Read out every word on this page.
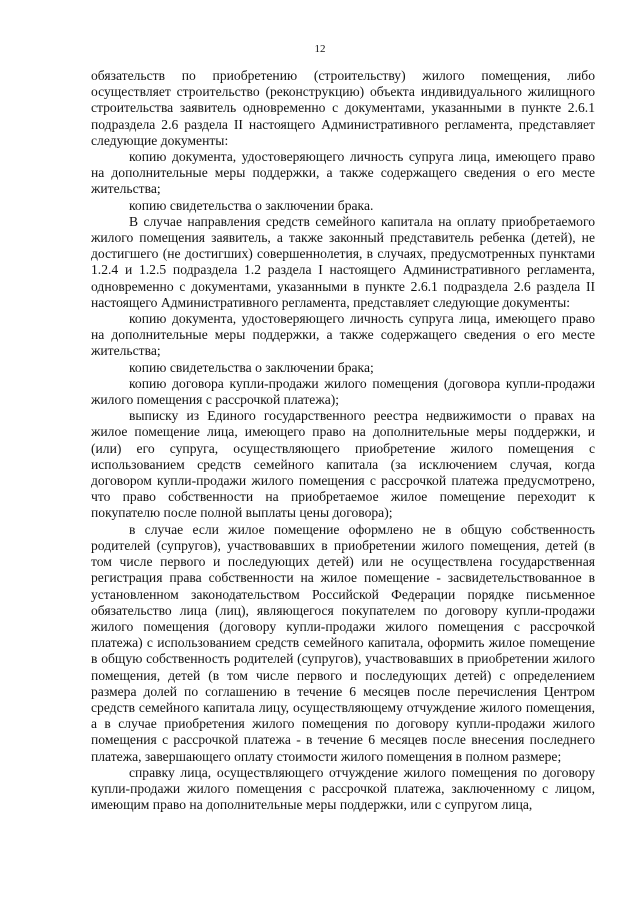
12

обязательств по приобретению (строительству) жилого помещения, либо осуществляет строительство (реконструкцию) объекта индивидуального жилищного строительства заявитель одновременно с документами, указанными в пункте 2.6.1 подраздела 2.6 раздела II настоящего Административного регламента, представляет следующие документы:

копию документа, удостоверяющего личность супруга лица, имеющего право на дополнительные меры поддержки, а также содержащего сведения о его месте жительства;

копию свидетельства о заключении брака.

В случае направления средств семейного капитала на оплату приобретаемого жилого помещения заявитель, а также законный представитель ребенка (детей), не достигшего (не достигших) совершеннолетия, в случаях, предусмотренных пунктами 1.2.4 и 1.2.5 подраздела 1.2 раздела I настоящего Административного регламента, одновременно с документами, указанными в пункте 2.6.1 подраздела 2.6 раздела II настоящего Административного регламента, представляет следующие документы:

копию документа, удостоверяющего личность супруга лица, имеющего право на дополнительные меры поддержки, а также содержащего сведения о его месте жительства;

копию свидетельства о заключении брака;

копию договора купли-продажи жилого помещения (договора купли-продажи жилого помещения с рассрочкой платежа);

выписку из Единого государственного реестра недвижимости о правах на жилое помещение лица, имеющего право на дополнительные меры поддержки, и (или) его супруга, осуществляющего приобретение жилого помещения с использованием средств семейного капитала (за исключением случая, когда договором купли-продажи жилого помещения с рассрочкой платежа предусмотрено, что право собственности на приобретаемое жилое помещение переходит к покупателю после полной выплаты цены договора);

в случае если жилое помещение оформлено не в общую собственность родителей (супругов), участвовавших в приобретении жилого помещения, детей (в том числе первого и последующих детей) или не осуществлена государственная регистрация права собственности на жилое помещение - засвидетельствованное в установленном законодательством Российской Федерации порядке письменное обязательство лица (лиц), являющегося покупателем по договору купли-продажи жилого помещения (договору купли-продажи жилого помещения с рассрочкой платежа) с использованием средств семейного капитала, оформить жилое помещение в общую собственность родителей (супругов), участвовавших в приобретении жилого помещения, детей (в том числе первого и последующих детей) с определением размера долей по соглашению в течение 6 месяцев после перечисления Центром средств семейного капитала лицу, осуществляющему отчуждение жилого помещения, а в случае приобретения жилого помещения по договору купли-продажи жилого помещения с рассрочкой платежа - в течение 6 месяцев после внесения последнего платежа, завершающего оплату стоимости жилого помещения в полном размере;

справку лица, осуществляющего отчуждение жилого помещения по договору купли-продажи жилого помещения с рассрочкой платежа, заключенному с лицом, имеющим право на дополнительные меры поддержки, или с супругом лица,
